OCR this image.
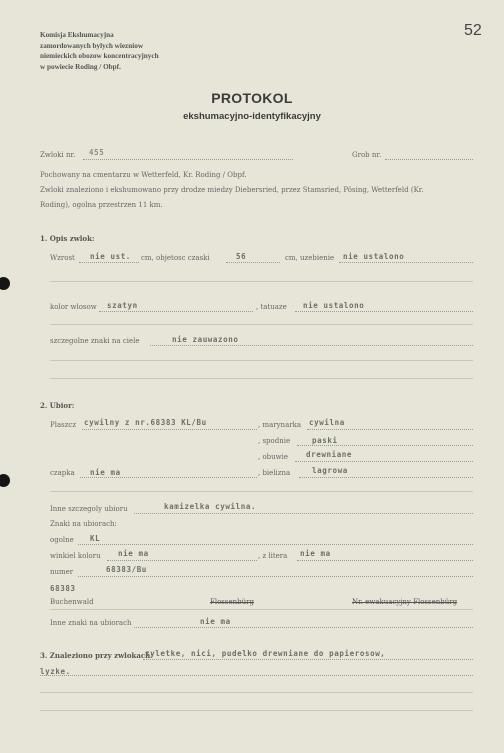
Komisja Ekshumacyjna
zamordowanych bylych wiezniow
niemieckich obozow koncentracyjnych
w powiecie Roding / Obpf.
52
PROTOKOL
ekshumacyjno-identyfikacyjny
Zwloki nr. 455	Grob nr.
Pochowany na cmentarzu w Wetterfeld, Kr. Roding / Obpf.
Zwloki znaleziono i ekshumowano przy drodze miedzy Diebersried, przez Stamsried, Pösing, Wetterfeld (Kr.
Roding), ogolna przestrzen 11 km.
1. Opis zwlok:
Wzrost nie ust. cm, objetosc czaski	56	cm, uzebienie nie ustalono
kolor wlosow szatyn	, tatuaze nie ustalono
szczegolne znaki na ciele	nie zauwazono
2. Ubior:
Plaszcz cywilny z nr.68383 KL/Bu	, marynarka cywilna
, spodnie	paski
, obuwie drewniane
czapka nie ma	, bielizna	lagrowa
Inne szczegoly ubioru	kamizelka cywilna.
Znaki na ubiorach:
ogolne KL
winkiel koloru nie ma	, z litera nie ma
numer	68383/Bu
68383
Buchenwald	Flossenbürg	Nr. ewakuacyjny Flossenbürg
Inne znaki na ubiorach	nie ma
3. Znaleziono przy zwlokach:
zyletke, nici, pudelko drewniane do papierosow,
lyzke.
